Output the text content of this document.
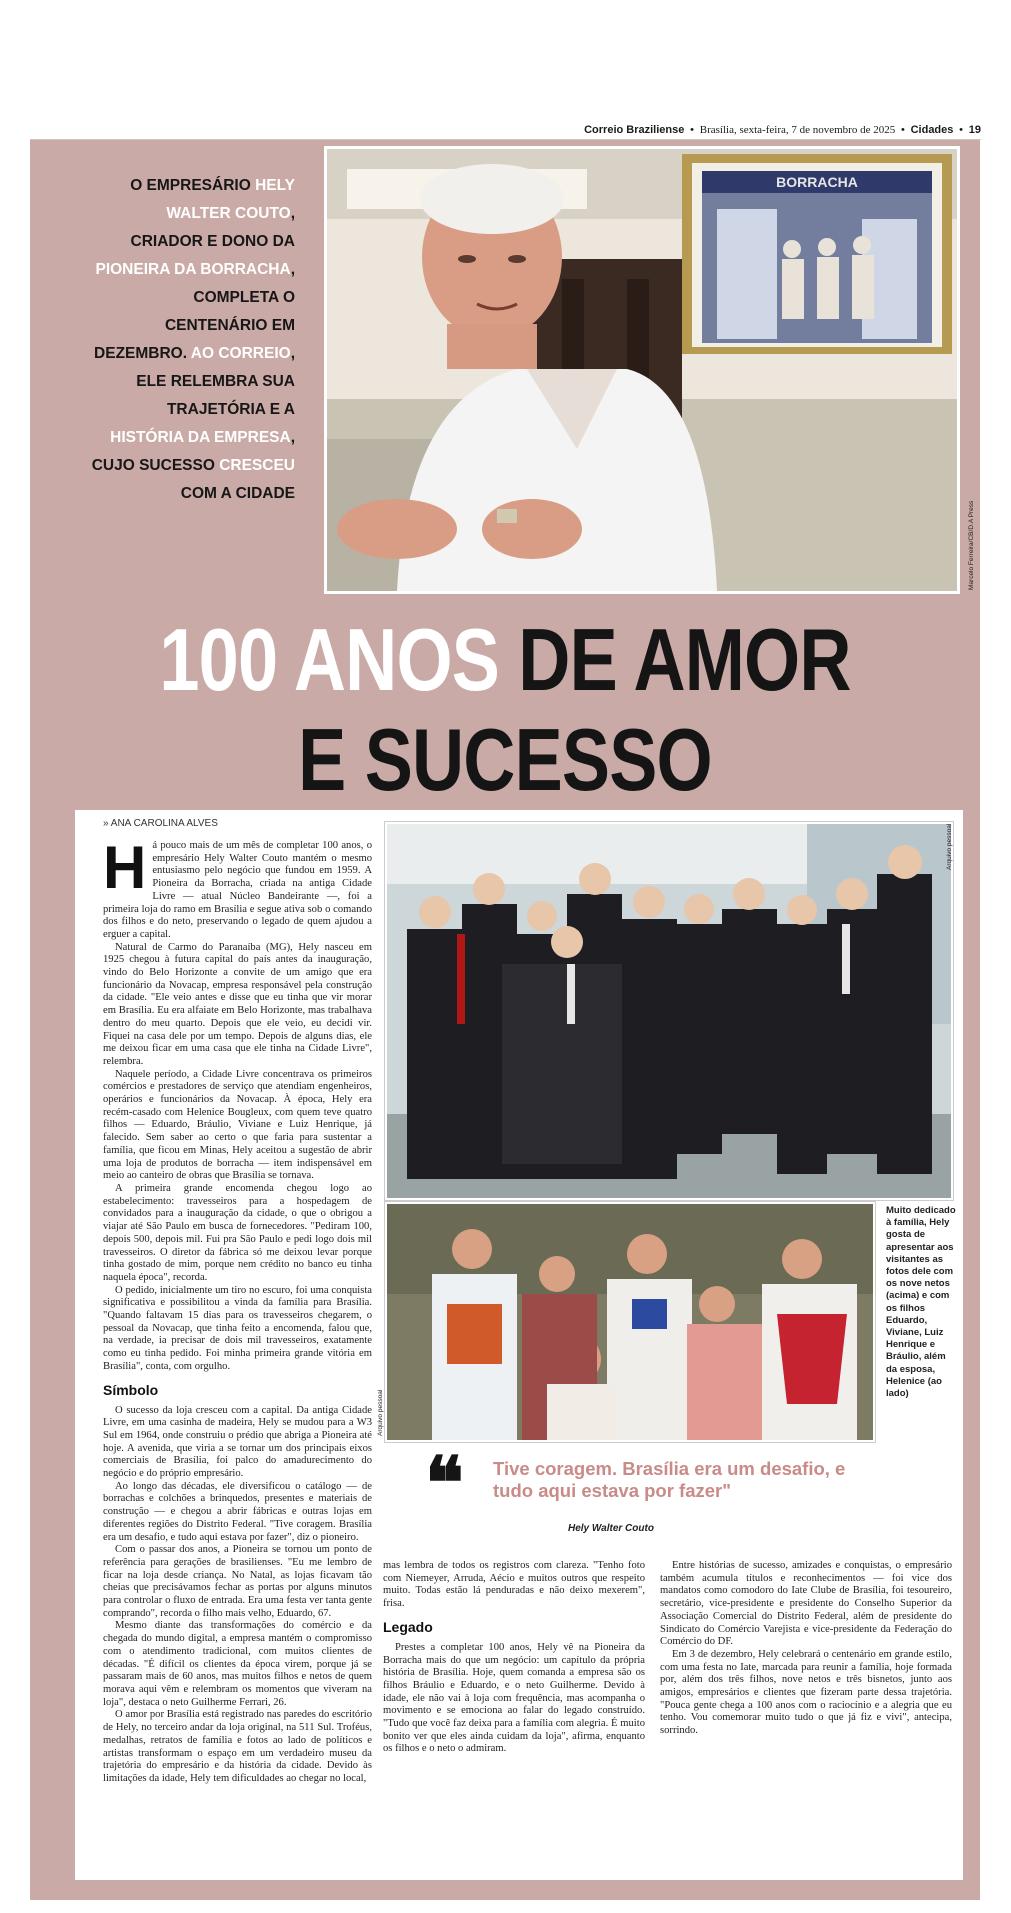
Correio Braziliense • Brasília, sexta-feira, 7 de novembro de 2025 • Cidades • 19
O EMPRESÁRIO HELY WALTER COUTO, CRIADOR E DONO DA PIONEIRA DA BORRACHA, COMPLETA O CENTENÁRIO EM DEZEMBRO. AO CORREIO, ELE RELEMBRA SUA TRAJETÓRIA E A HISTÓRIA DA EMPRESA, CUJO SUCESSO CRESCEU COM A CIDADE
BORRACHA
Marcelo Ferreira/CB/D.A Press
100 ANOS DE AMOR
E SUCESSO
» ANA CAROLINA ALVES

Há pouco mais de um mês de completar 100 anos, o empresário Hely Walter Couto mantém o mesmo entusiasmo pelo negócio que fundou em 1959. A Pioneira da Borracha, criada na antiga Cidade Livre — atual Núcleo Bandeirante —, foi a primeira loja do ramo em Brasília e segue ativa sob o comando dos filhos e do neto, preservando o legado de quem ajudou a erguer a capital.

Natural de Carmo do Paranaíba (MG), Hely nasceu em 1925 chegou à futura capital do país antes da inauguração, vindo do Belo Horizonte a convite de um amigo que era funcionário da Novacap, empresa responsável pela construção da cidade. "Ele veio antes e disse que eu tinha que vir morar em Brasília. Eu era alfaiate em Belo Horizonte, mas trabalhava dentro do meu quarto. Depois que ele veio, eu decidi vir. Fiquei na casa dele por um tempo. Depois de alguns dias, ele me deixou ficar em uma casa que ele tinha na Cidade Livre", relembra.

Naquele período, a Cidade Livre concentrava os primeiros comércios e prestadores de serviço que atendiam engenheiros, operários e funcionários da Novacap. À época, Hely era recém-casado com Helenice Bougleux, com quem teve quatro filhos — Eduardo, Bráulio, Viviane e Luiz Henrique, já falecido. Sem saber ao certo o que faria para sustentar a família, que ficou em Minas, Hely aceitou a sugestão de abrir uma loja de produtos de borracha — item indispensável em meio ao canteiro de obras que Brasília se tornava.

A primeira grande encomenda chegou logo ao estabelecimento: travesseiros para a hospedagem de convidados para a inauguração da cidade, o que o obrigou a viajar até São Paulo em busca de fornecedores. "Pediram 100, depois 500, depois mil. Fui pra São Paulo e pedi logo dois mil travesseiros. O diretor da fábrica só me deixou levar porque tinha gostado de mim, porque nem crédito no banco eu tinha naquela época", recorda.

O pedido, inicialmente um tiro no escuro, foi uma conquista significativa e possibilitou a vinda da família para Brasília. "Quando faltavam 15 dias para os travesseiros chegarem, o pessoal da Novacap, que tinha feito a encomenda, falou que, na verdade, ia precisar de dois mil travesseiros, exatamente como eu tinha pedido. Foi minha primeira grande vitória em Brasília", conta, com orgulho.

Símbolo

O sucesso da loja cresceu com a capital. Da antiga Cidade Livre, em uma casinha de madeira, Hely se mudou para a W3 Sul em 1964, onde construiu o prédio que abriga a Pioneira até hoje. A avenida, que viria a se tornar um dos principais eixos comerciais de Brasília, foi palco do amadurecimento do negócio e do próprio empresário.

Ao longo das décadas, ele diversificou o catálogo — de borrachas e colchões a brinquedos, presentes e materiais de construção — e chegou a abrir fábricas e outras lojas em diferentes regiões do Distrito Federal. "Tive coragem. Brasília era um desafio, e tudo aqui estava por fazer", diz o pioneiro.

Com o passar dos anos, a Pioneira se tornou um ponto de referência para gerações de brasilienses. "Eu me lembro de ficar na loja desde criança. No Natal, as lojas ficavam tão cheias que precisávamos fechar as portas por alguns minutos para controlar o fluxo de entrada. Era uma festa ver tanta gente comprando", recorda o filho mais velho, Eduardo, 67.

Mesmo diante das transformações do comércio e da chegada do mundo digital, a empresa mantém o compromisso com o atendimento tradicional, com muitos clientes de décadas. "É difícil os clientes da época virem, porque já se passaram mais de 60 anos, mas muitos filhos e netos de quem morava aqui vêm e relembram os momentos que viveram na loja", destaca o neto Guilherme Ferrari, 26.

O amor por Brasília está registrado nas paredes do escritório de Hely, no terceiro andar da loja original, na 511 Sul. Troféus, medalhas, retratos de família e fotos ao lado de políticos e artistas transformam o espaço em um verdadeiro museu da trajetória do empresário e da história da cidade. Devido às limitações da idade, Hely tem dificuldades ao chegar no local,

Arquivo pessoal
Arquivo pessoal
Muito dedicado à família, Hely gosta de apresentar aos visitantes as fotos dele com os nove netos (acima) e com os filhos Eduardo, Viviane, Luiz Henrique e Bráulio, além da esposa, Helenice (ao lado)
❝ Tive coragem. Brasília era um desafio, e tudo aqui estava por fazer"
Hely Walter Couto

mas lembra de todos os registros com clareza. "Tenho foto com Niemeyer, Arruda, Aécio e muitos outros que respeito muito. Todas estão lá penduradas e não deixo mexerem", frisa.

Legado

Prestes a completar 100 anos, Hely vê na Pioneira da Borracha mais do que um negócio: um capítulo da própria história de Brasília. Hoje, quem comanda a empresa são os filhos Bráulio e Eduardo, e o neto Guilherme. Devido à idade, ele não vai à loja com frequência, mas acompanha o movimento e se emociona ao falar do legado construído. "Tudo que você faz deixa para a família com alegria. É muito bonito ver que eles ainda cuidam da loja", afirma, enquanto os filhos e o neto o admiram.

Entre histórias de sucesso, amizades e conquistas, o empresário também acumula títulos e reconhecimentos — foi vice dos mandatos como comodoro do Iate Clube de Brasília, foi tesoureiro, secretário, vice-presidente e presidente do Conselho Superior da Associação Comercial do Distrito Federal, além de presidente do Sindicato do Comércio Varejista e vice-presidente da Federação do Comércio do DF.

Em 3 de dezembro, Hely celebrará o centenário em grande estilo, com uma festa no Iate, marcada para reunir a família, hoje formada por, além dos três filhos, nove netos e três bisnetos, junto aos amigos, empresários e clientes que fizeram parte dessa trajetória. "Pouca gente chega a 100 anos com o raciocínio e a alegria que eu tenho. Vou comemorar muito tudo o que já fiz e vivi", antecipa, sorrindo.
